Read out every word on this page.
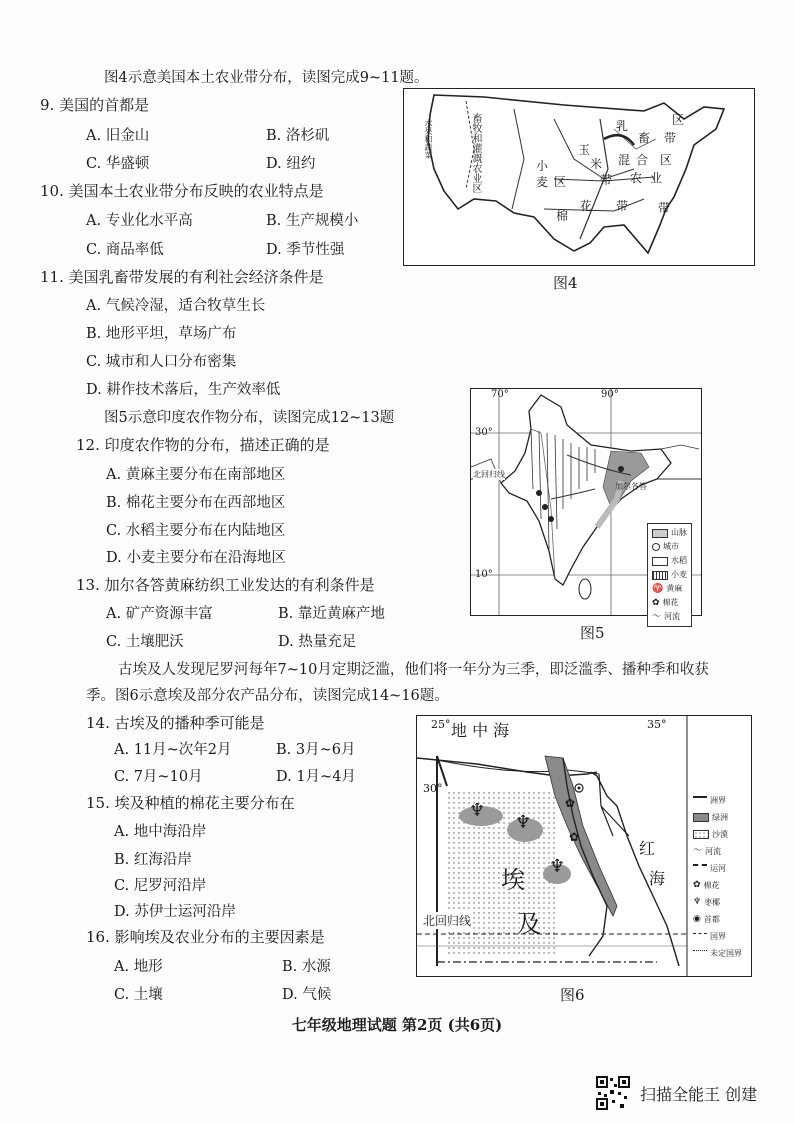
图4示意美国本土农业带分布，读图完成9~11题。
9. 美国的首都是
A. 旧金山	B. 洛杉矶
C. 华盛顿	D. 纽约
10. 美国本土农业带分布反映的农业特点是
A. 专业化水平高	B. 生产规模小
C. 商品率低	D. 季节性强
11. 美国乳畜带发展的有利社会经济条件是
A. 气候冷湿，适合牧草生长
B. 地形平坦，草场广布
C. 城市和人口分布密集
D. 耕作技术落后，生产效率低
畜牧和灌溉农业区
水果和蔬菜	乳
畜 带
玉
米
带
小
麦 区
混 合
农 业
区
棉
花 带 带
区
图4
图5示意印度农作物分布，读图完成12~13题
12. 印度农作物的分布，描述正确的是
A. 黄麻主要分布在南部地区
B. 棉花主要分布在西部地区
C. 水稻主要分布在内陆地区
D. 小麦主要分布在沿海地区
13. 加尔各答黄麻纺织工业发达的有利条件是
A. 矿产资源丰富	B. 靠近黄麻产地
C. 土壤肥沃	D. 热量充足
70°	90°
30°
10°
北回归线
加尔各答
山脉
城市
水稻
小麦
♈ 黄麻
✿ 棉花
〜 河流
图5
古埃及人发现尼罗河每年7~10月定期泛滥，他们将一年分为三季，即泛滥季、播种季和收获
季。图6示意埃及部分农产品分布，读图完成14~16题。
14. 古埃及的播种季可能是
A. 11月~次年2月	B. 3月~6月
C. 7月~10月	D. 1月~4月
15. 埃及种植的棉花主要分布在
A. 地中海沿岸
B. 红海沿岸
C. 尼罗河沿岸
D. 苏伊士运河沿岸
16. 影响埃及农业分布的主要因素是
A. 地形	B. 水源
C. 土壤	D. 气候
25°	35°
30°
地 中 海
红
海
埃
及
北回归线
♆
♆
♆
✿
✿
洲界
绿洲
沙漠
〜 河流
运河
✿ 棉花
♆ 枣椰
◉ 首都
国界
未定国界
图6
七年级地理试题 第2页 (共6页)
扫描全能王 创建
